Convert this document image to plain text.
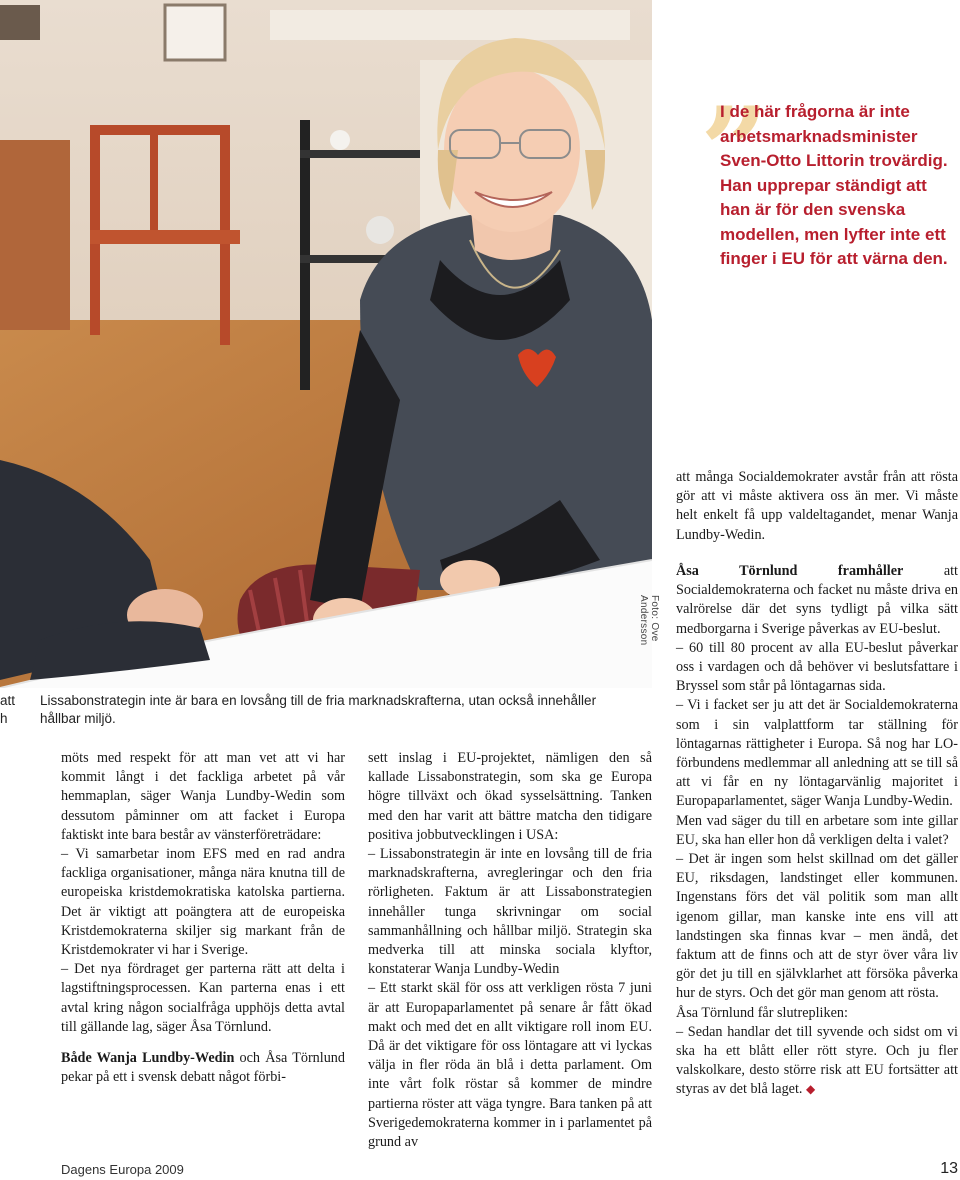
Foto: Ove Andersson
”

I de här frågorna är inte arbetsmarknadsminister Sven-Otto Littorin trovärdig. Han upprepar ständigt att han är för den svenska modellen, men lyfter inte ett finger i EU för att värna den.

att
h

Lissabonstrategin inte är bara en lovsång till de fria marknadskrafterna, utan också innehåller hållbar miljö.

att många Socialdemokrater avstår från att rösta gör att vi måste aktivera oss än mer. Vi måste helt enkelt få upp valdeltagandet, menar Wanja Lundby-Wedin.

möts med respekt för att man vet att vi har kommit långt i det fackliga arbetet på vår hemmaplan, säger Wanja Lundby-Wedin som dessutom påminner om att facket i Europa faktiskt inte bara består av vänsterföreträdare:

– Vi samarbetar inom EFS med en rad andra fackliga organisationer, många nära knutna till de europeiska kristdemokratiska katolska partierna. Det är viktigt att poängtera att de europeiska Kristdemokraterna skiljer sig markant från de Kristdemokrater vi har i Sverige.

– Det nya fördraget ger parterna rätt att delta i lagstiftningsprocessen. Kan parterna enas i ett avtal kring någon socialfråga upphöjs detta avtal till gällande lag, säger Åsa Törnlund.

Både Wanja Lundby-Wedin och Åsa Törnlund pekar på ett i svensk debatt något förbi-

sett inslag i EU-projektet, nämligen den så kallade Lissabonstrategin, som ska ge Europa högre tillväxt och ökad sysselsättning. Tanken med den har varit att bättre matcha den tidigare positiva jobbutvecklingen i USA:

– Lissabonstrategin är inte en lovsång till de fria marknadskrafterna, avregleringar och den fria rörligheten. Faktum är att Lissabonstrategien innehåller tunga skrivningar om social sammanhållning och hållbar miljö. Strategin ska medverka till att minska sociala klyftor, konstaterar Wanja Lundby-Wedin

– Ett starkt skäl för oss att verkligen rösta 7 juni är att Europaparlamentet på senare år fått ökad makt och med det en allt viktigare roll inom EU. Då är det viktigare för oss löntagare att vi lyckas välja in fler röda än blå i detta parlament. Om inte vårt folk röstar så kommer de mindre partierna röster att väga tyngre. Bara tanken på att Sverigedemokraterna kommer in i parlamentet på grund av

Åsa Törnlund framhåller att Socialdemokraterna och facket nu måste driva en valrörelse där det syns tydligt på vilka sätt medborgarna i Sverige påverkas av EU-beslut.

– 60 till 80 procent av alla EU-beslut påverkar oss i vardagen och då behöver vi beslutsfattare i Bryssel som står på löntagarnas sida.

– Vi i facket ser ju att det är Socialdemokraterna som i sin valplattform tar ställning för löntagarnas rättigheter i Europa. Så nog har LO-förbundens medlemmar all anledning att se till så att vi får en ny löntagarvänlig majoritet i Europaparlamentet, säger Wanja Lundby-Wedin.

Men vad säger du till en arbetare som inte gillar EU, ska han eller hon då verkligen delta i valet?

– Det är ingen som helst skillnad om det gäller EU, riksdagen, landstinget eller kommunen. Ingenstans förs det väl politik som man allt igenom gillar, man kanske inte ens vill att landstingen ska finnas kvar – men ändå, det faktum att de finns och att de styr över våra liv gör det ju till en självklarhet att försöka påverka hur de styrs. Och det gör man genom att rösta.

Åsa Törnlund får slutrepliken:

– Sedan handlar det till syvende och sidst om vi ska ha ett blått eller rött styre. Och ju fler valskolkare, desto större risk att EU fortsätter att styras av det blå laget. ◆

Dagens Europa 2009	13
